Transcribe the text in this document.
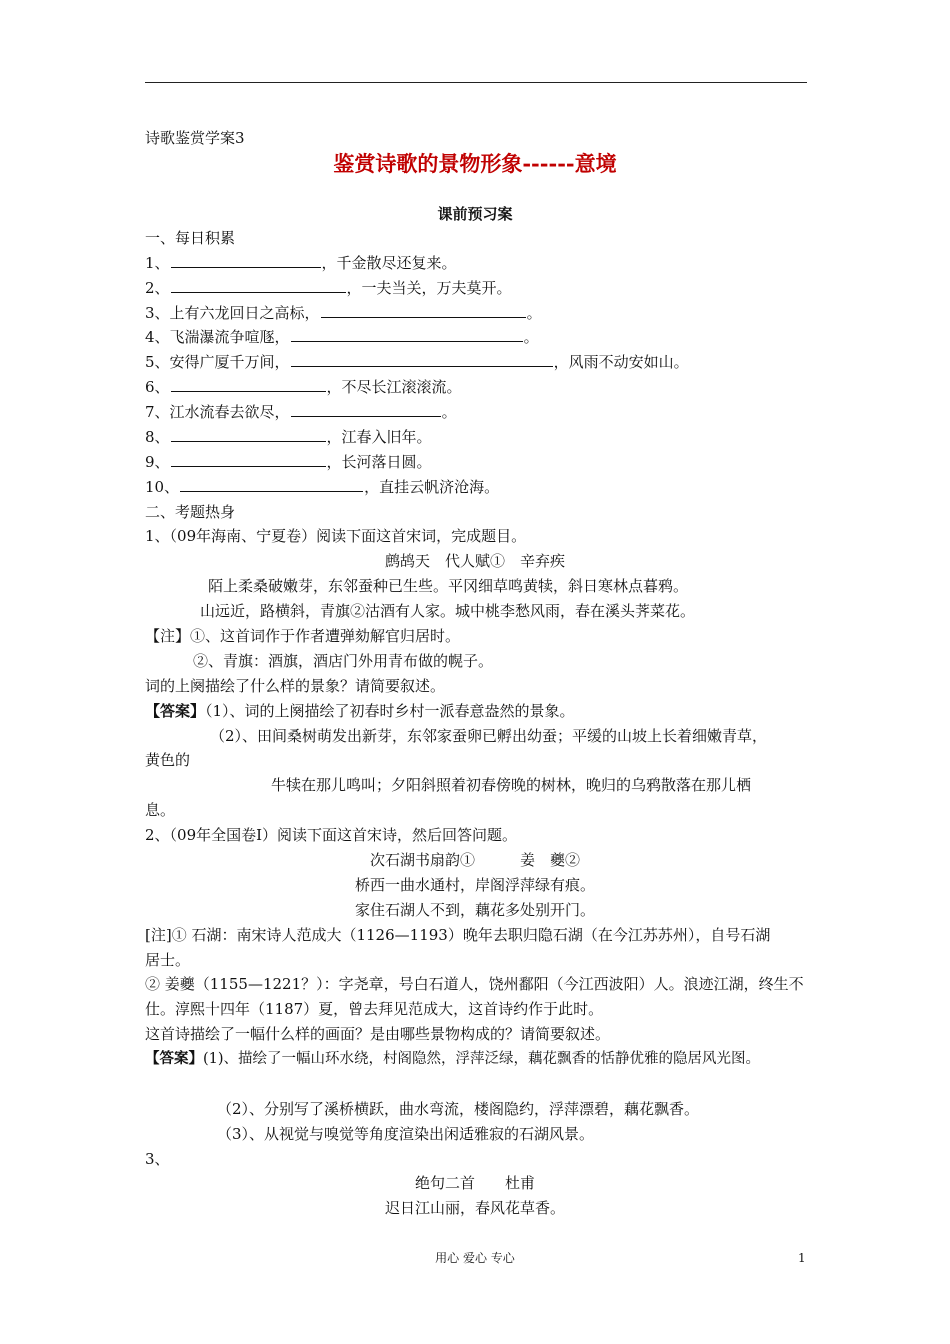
诗歌鉴赏学案3
鉴赏诗歌的景物形象------意境
课前预习案
一、每日积累
1、	，千金散尽还复来。
2、	，一夫当关，万夫莫开。
3、上有六龙回日之高标，	。
4、飞湍瀑流争喧豗，	。
5、安得广厦千万间，	，风雨不动安如山。
6、	，不尽长江滚滚流。
7、江水流春去欲尽，	。
8、	，江春入旧年。
9、	，长河落日圆。
10、	，直挂云帆济沧海。
二、考题热身
1、（09年海南、宁夏卷）阅读下面这首宋词，完成题目。
鹧鸪天　代人赋①　辛弃疾
陌上柔桑破嫩芽，东邻蚕种已生些。平冈细草鸣黄犊，斜日寒林点暮鸦。
山远近，路横斜，青旗②沽酒有人家。城中桃李愁风雨，春在溪头荠菜花。
【注】①、这首词作于作者遭弹劾解官归居时。
②、青旗：酒旗，酒店门外用青布做的幌子。
词的上阕描绘了什么样的景象？请简要叙述。
【答案】（1）、词的上阕描绘了初春时乡村一派春意盎然的景象。
（2）、田间桑树萌发出新芽，东邻家蚕卵已孵出幼蚕；平缓的山坡上长着细嫩青草，
黄色的
牛犊在那儿鸣叫；夕阳斜照着初春傍晚的树林，晚归的乌鸦散落在那儿栖
息。
2、（09年全国卷Ⅰ）阅读下面这首宋诗，然后回答问题。
次石湖书扇韵①　　　姜　夔②
桥西一曲水通村，岸阁浮萍绿有痕。
家住石湖人不到，藕花多处别开门。
[注]① 石湖：南宋诗人范成大（1126—1193）晚年去职归隐石湖（在今江苏苏州），自号石湖
居士。
② 姜夔（1155—1221？）：字尧章，号白石道人，饶州鄱阳（今江西波阳）人。浪迹江湖，终生不
仕。淳熙十四年（1187）夏，曾去拜见范成大，这首诗约作于此时。
这首诗描绘了一幅什么样的画面？是由哪些景物构成的？请简要叙述。
【答案】(1)、描绘了一幅山环水绕，村阁隐然，浮萍泛绿，藕花飘香的恬静优雅的隐居风光图。
（2）、分别写了溪桥横跃，曲水弯流，楼阁隐约，浮萍漂碧，藕花飘香。
（3）、从视觉与嗅觉等角度渲染出闲适雅寂的石湖风景。
3、
绝句二首　　杜甫
迟日江山丽，春风花草香。
用心 爱心 专心	1
